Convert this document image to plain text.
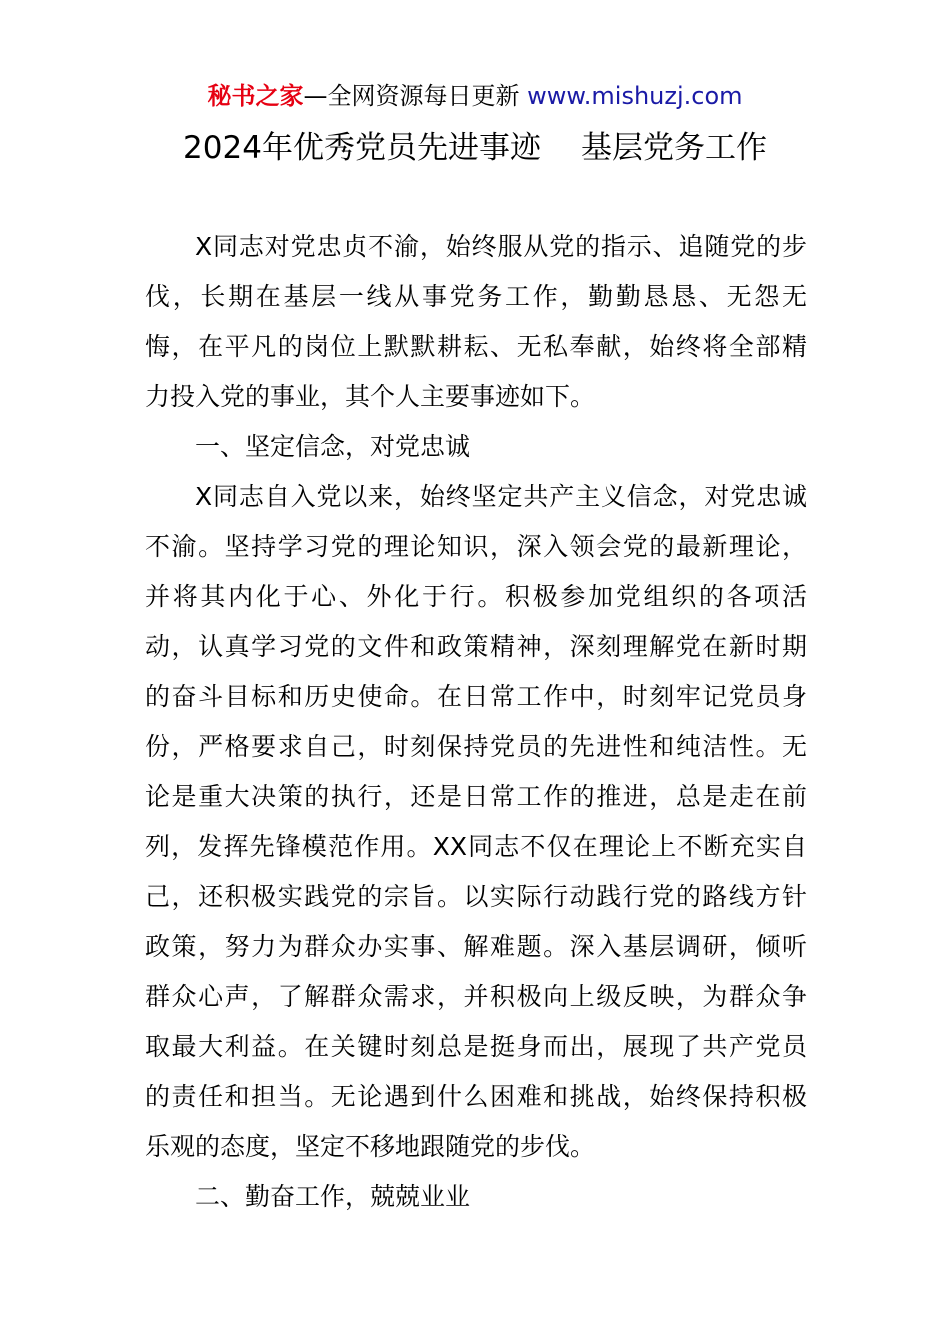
秘书之家—全网资源每日更新 www.mishuzj.com
2024年优秀党员先进事迹 基层党务工作
X同志对党忠贞不渝，始终服从党的指示、追随党的步
伐，长期在基层一线从事党务工作，勤勤恳恳、无怨无
悔，在平凡的岗位上默默耕耘、无私奉献，始终将全部精
力投入党的事业，其个人主要事迹如下。
一、坚定信念，对党忠诚
X同志自入党以来，始终坚定共产主义信念，对党忠诚
不渝。坚持学习党的理论知识，深入领会党的最新理论，
并将其内化于心、外化于行。积极参加党组织的各项活
动，认真学习党的文件和政策精神，深刻理解党在新时期
的奋斗目标和历史使命。在日常工作中，时刻牢记党员身
份，严格要求自己，时刻保持党员的先进性和纯洁性。无
论是重大决策的执行，还是日常工作的推进，总是走在前
列，发挥先锋模范作用。XX同志不仅在理论上不断充实自
己，还积极实践党的宗旨。以实际行动践行党的路线方针
政策，努力为群众办实事、解难题。深入基层调研，倾听
群众心声，了解群众需求，并积极向上级反映，为群众争
取最大利益。在关键时刻总是挺身而出，展现了共产党员
的责任和担当。无论遇到什么困难和挑战，始终保持积极
乐观的态度，坚定不移地跟随党的步伐。
二、勤奋工作，兢兢业业
